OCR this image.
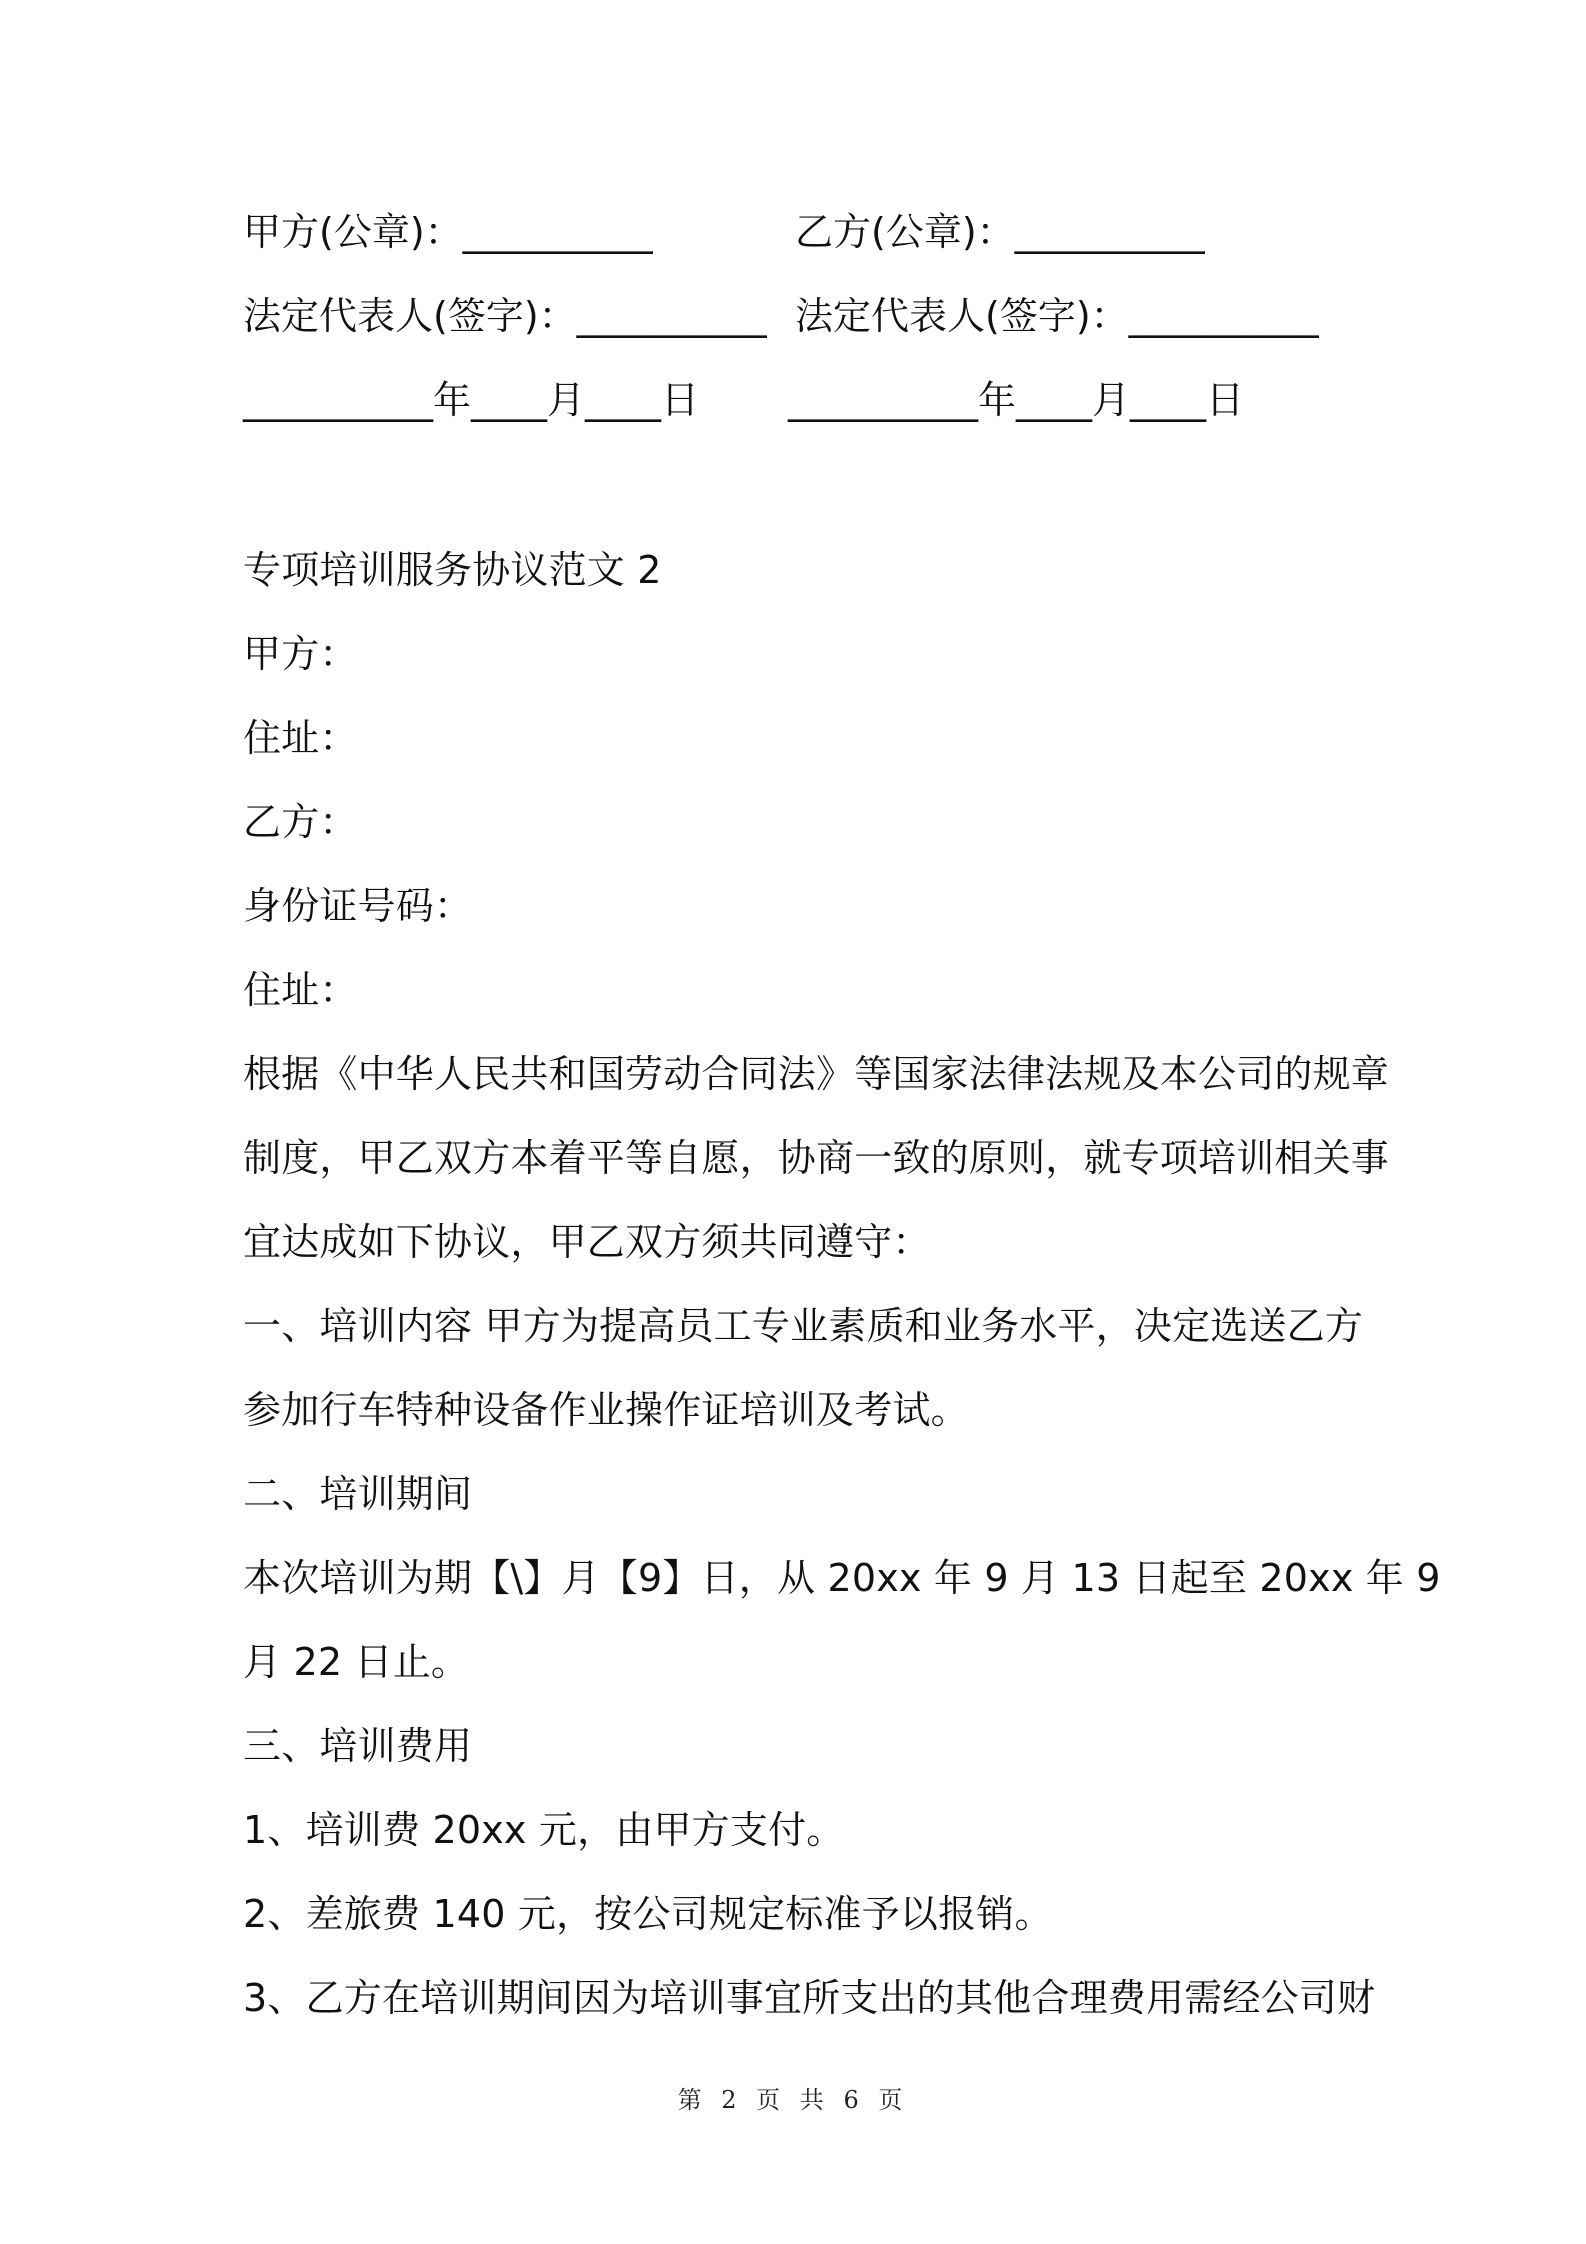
甲方(公章)：__________	乙方(公章)：__________
法定代表人(签字)：__________ 法定代表人(签字)：__________
__________年____月____日 __________年____月____日
专项培训服务协议范文 2
甲方：
住址：
乙方：
身份证号码：
住址：
根据《中华人民共和国劳动合同法》等国家法律法规及本公司的规章
制度，甲乙双方本着平等自愿，协商一致的原则，就专项培训相关事
宜达成如下协议，甲乙双方须共同遵守：
一、培训内容 甲方为提高员工专业素质和业务水平，决定选送乙方
参加行车特种设备作业操作证培训及考试。
二、培训期间
本次培训为期【\】月【9】日，从 20xx 年 9 月 13 日起至 20xx 年 9
月 22 日止。
三、培训费用
1、培训费 20xx 元，由甲方支付。
2、差旅费 140 元，按公司规定标准予以报销。
3、乙方在培训期间因为培训事宜所支出的其他合理费用需经公司财
第 2 页 共 6 页
